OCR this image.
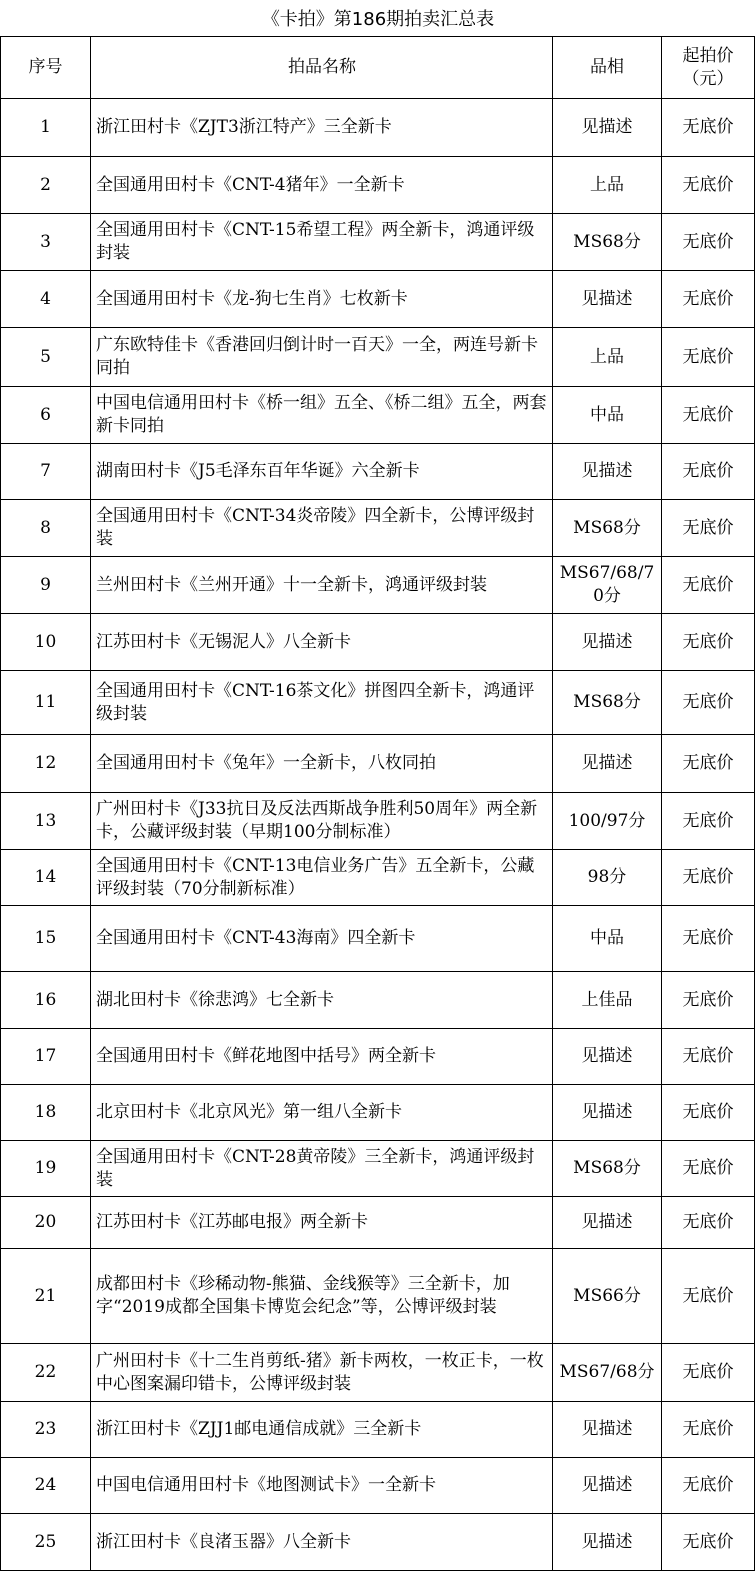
《卡拍》第186期拍卖汇总表
序号	拍品名称	品相	起拍价
（元）
1	浙江田村卡《ZJT3浙江特产》三全新卡	见描述	无底价
2	全国通用田村卡《CNT-4猪年》一全新卡	上品	无底价
3	全国通用田村卡《CNT-15希望工程》两全新卡，鸿通评级封装	MS68分	无底价
4	全国通用田村卡《龙-狗七生肖》七枚新卡	见描述	无底价
5	广东欧特佳卡《香港回归倒计时一百天》一全，两连号新卡同拍	上品	无底价
6	中国电信通用田村卡《桥一组》五全、《桥二组》五全，两套新卡同拍	中品	无底价
7	湖南田村卡《J5毛泽东百年华诞》六全新卡	见描述	无底价
8	全国通用田村卡《CNT-34炎帝陵》四全新卡，公博评级封装	MS68分	无底价
9	兰州田村卡《兰州开通》十一全新卡，鸿通评级封装	MS67/68/70分	无底价
10	江苏田村卡《无锡泥人》八全新卡	见描述	无底价
11	全国通用田村卡《CNT-16茶文化》拼图四全新卡，鸿通评级封装	MS68分	无底价
12	全国通用田村卡《兔年》一全新卡，八枚同拍	见描述	无底价
13	广州田村卡《J33抗日及反法西斯战争胜利50周年》两全新卡，公藏评级封装（早期100分制标准）	100/97分	无底价
14	全国通用田村卡《CNT-13电信业务广告》五全新卡，公藏评级封装（70分制新标准）	98分	无底价
15	全国通用田村卡《CNT-43海南》四全新卡	中品	无底价
16	湖北田村卡《徐悲鸿》七全新卡	上佳品	无底价
17	全国通用田村卡《鲜花地图中括号》两全新卡	见描述	无底价
18	北京田村卡《北京风光》第一组八全新卡	见描述	无底价
19	全国通用田村卡《CNT-28黄帝陵》三全新卡，鸿通评级封装	MS68分	无底价
20	江苏田村卡《江苏邮电报》两全新卡	见描述	无底价
21	成都田村卡《珍稀动物-熊猫、金线猴等》三全新卡，加字“2019成都全国集卡博览会纪念”等，公博评级封装	MS66分	无底价
22	广州田村卡《十二生肖剪纸-猪》新卡两枚，一枚正卡，一枚中心图案漏印错卡，公博评级封装	MS67/68分	无底价
23	浙江田村卡《ZJJ1邮电通信成就》三全新卡	见描述	无底价
24	中国电信通用田村卡《地图测试卡》一全新卡	见描述	无底价
25	浙江田村卡《良渚玉器》八全新卡	见描述	无底价
